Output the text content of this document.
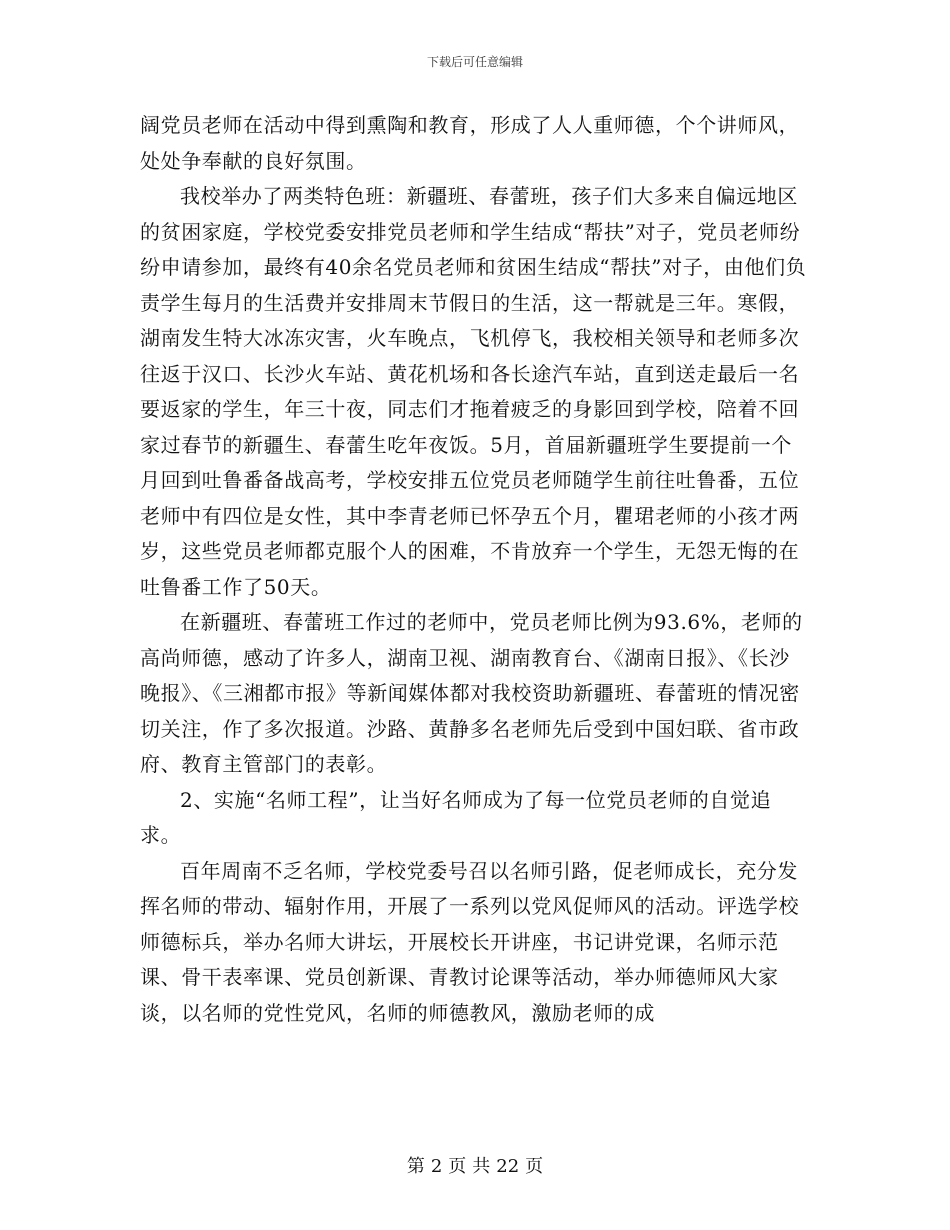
下载后可任意编辑

阔党员老师在活动中得到熏陶和教育，形成了人人重师德，个个讲师风，处处争奉献的良好氛围。

我校举办了两类特色班：新疆班、春蕾班，孩子们大多来自偏远地区的贫困家庭，学校党委安排党员老师和学生结成“帮扶”对子，党员老师纷纷申请参加，最终有40余名党员老师和贫困生结成“帮扶”对子，由他们负责学生每月的生活费并安排周末节假日的生活，这一帮就是三年。寒假，湖南发生特大冰冻灾害，火车晚点，飞机停飞，我校相关领导和老师多次往返于汉口、长沙火车站、黄花机场和各长途汽车站，直到送走最后一名要返家的学生，年三十夜，同志们才拖着疲乏的身影回到学校，陪着不回家过春节的新疆生、春蕾生吃年夜饭。5月，首届新疆班学生要提前一个月回到吐鲁番备战高考，学校安排五位党员老师随学生前往吐鲁番，五位老师中有四位是女性，其中李青老师已怀孕五个月，瞿珺老师的小孩才两岁，这些党员老师都克服个人的困难，不肯放弃一个学生，无怨无悔的在吐鲁番工作了50天。

在新疆班、春蕾班工作过的老师中，党员老师比例为93.6%，老师的高尚师德，感动了许多人，湖南卫视、湖南教育台、《湖南日报》、《长沙晚报》、《三湘都市报》等新闻媒体都对我校资助新疆班、春蕾班的情况密切关注，作了多次报道。沙路、黄静多名老师先后受到中国妇联、省市政府、教育主管部门的表彰。

2、实施“名师工程”，让当好名师成为了每一位党员老师的自觉追求。

百年周南不乏名师，学校党委号召以名师引路，促老师成长，充分发挥名师的带动、辐射作用，开展了一系列以党风促师风的活动。评选学校师德标兵，举办名师大讲坛，开展校长开讲座，书记讲党课，名师示范课、骨干表率课、党员创新课、青教讨论课等活动，举办师德师风大家谈，以名师的党性党风，名师的师德教风，激励老师的成

第 2 页 共 22 页
